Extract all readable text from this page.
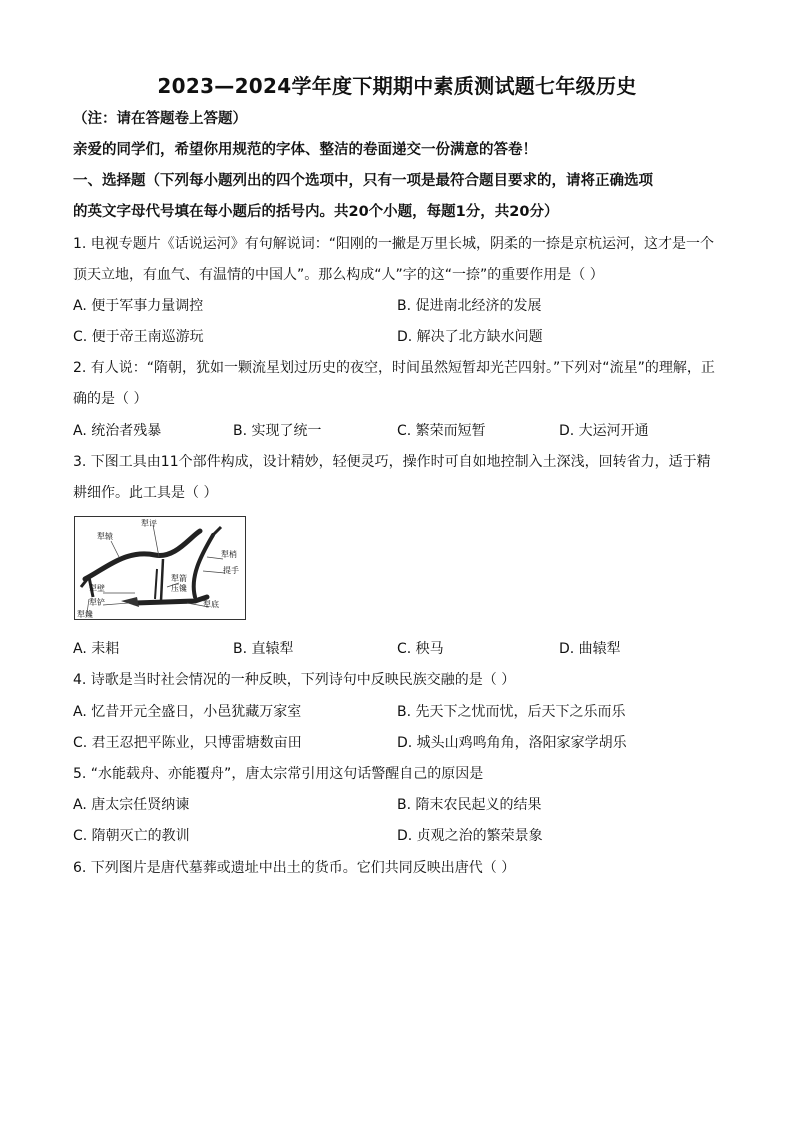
2023—2024学年度下期期中素质测试题七年级历史
（注：请在答题卷上答题）
亲爱的同学们，希望你用规范的字体、整洁的卷面递交一份满意的答卷！
一、选择题（下列每小题列出的四个选项中，只有一项是最符合题目要求的，请将正确选项
的英文字母代号填在每小题后的括号内。共20个小题，每题1分，共20分）
1. 电视专题片《话说运河》有句解说词：“阳刚的一撇是万里长城，阴柔的一捺是京杭运河，这才是一个
顶天立地，有血气、有温情的中国人”。那么构成“人”字的这“一捺”的重要作用是（ ）
A. 便于军事力量调控	B. 促进南北经济的发展
C. 便于帝王南巡游玩	D. 解决了北方缺水问题
2. 有人说：“隋朝，犹如一颗流星划过历史的夜空，时间虽然短暂却光芒四射。”下列对“流星”的理解，正
确的是（ ）
A. 统治者残暴	B. 实现了统一	C. 繁荣而短暂	D. 大运河开通
3. 下图工具由11个部件构成，设计精妙，轻便灵巧，操作时可自如地控制入土深浅，回转省力，适于精
耕细作。此工具是（ ）
犁评
犁辕
犁梢
提手
犁箭
犁壁
犁铲	犁底
犁鑱
压镵
A. 耒耜	B. 直辕犁	C. 秧马	D. 曲辕犁
4. 诗歌是当时社会情况的一种反映，下列诗句中反映民族交融的是（ ）
A. 忆昔开元全盛日，小邑犹藏万家室	B. 先天下之忧而忧，后天下之乐而乐
C. 君王忍把平陈业，只博雷塘数亩田	D. 城头山鸡鸣角角，洛阳家家学胡乐
5. “水能载舟、亦能覆舟”，唐太宗常引用这句话警醒自己的原因是
A. 唐太宗任贤纳谏	B. 隋末农民起义的结果
C. 隋朝灭亡的教训	D. 贞观之治的繁荣景象
6. 下列图片是唐代墓葬或遗址中出土的货币。它们共同反映出唐代（ ）
